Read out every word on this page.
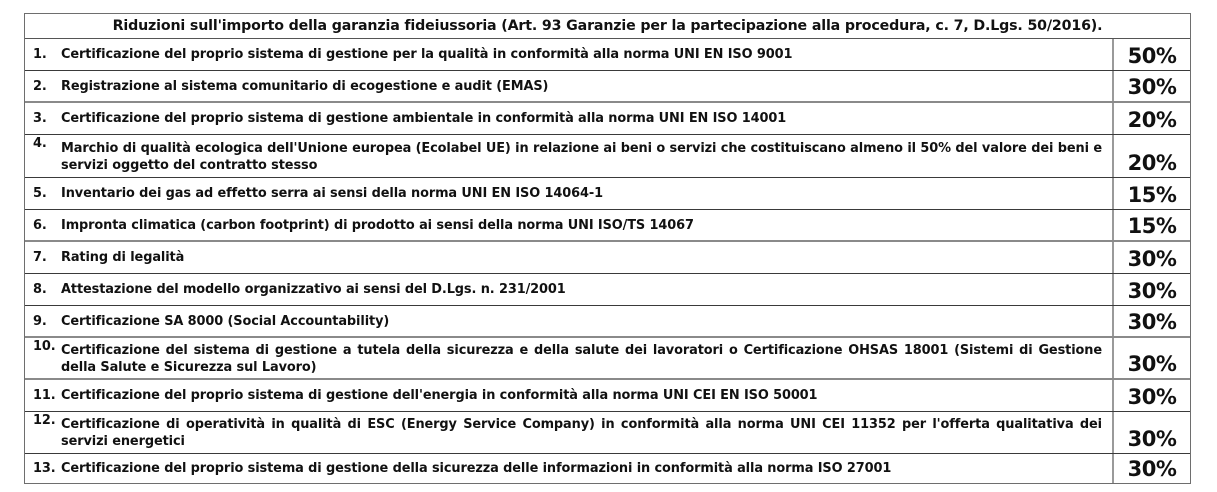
Riduzioni sull'importo della garanzia fideiussoria (Art. 93 Garanzie per la partecipazione alla procedura, c. 7, D.Lgs. 50/2016).
1.	Certificazione del proprio sistema di gestione per la qualità in conformità alla norma UNI EN ISO 9001	50%
2.	Registrazione al sistema comunitario di ecogestione e audit (EMAS)	30%
3.	Certificazione del proprio sistema di gestione ambientale in conformità alla norma UNI EN ISO 14001	20%
4.	Marchio di qualità ecologica dell'Unione europea (Ecolabel UE) in relazione ai beni o servizi che costituiscano almeno il 50% del valore dei beni e servizi oggetto del contratto stesso	20%
5.	Inventario dei gas ad effetto serra ai sensi della norma UNI EN ISO 14064-1	15%
6.	Impronta climatica (carbon footprint) di prodotto ai sensi della norma UNI ISO/TS 14067	15%
7.	Rating di legalità	30%
8.	Attestazione del modello organizzativo ai sensi del D.Lgs. n. 231/2001	30%
9.	Certificazione SA 8000 (Social Accountability)	30%
10. Certificazione del sistema di gestione a tutela della sicurezza e della salute dei lavoratori o Certificazione OHSAS 18001 (Sistemi di Gestione della Salute e Sicurezza sul Lavoro)	30%
11. Certificazione del proprio sistema di gestione dell'energia in conformità alla norma UNI CEI EN ISO 50001	30%
12. Certificazione di operatività in qualità di ESC (Energy Service Company) in conformità alla norma UNI CEI 11352 per l'offerta qualitativa dei servizi energetici	30%
13. Certificazione del proprio sistema di gestione della sicurezza delle informazioni in conformità alla norma ISO 27001	30%
